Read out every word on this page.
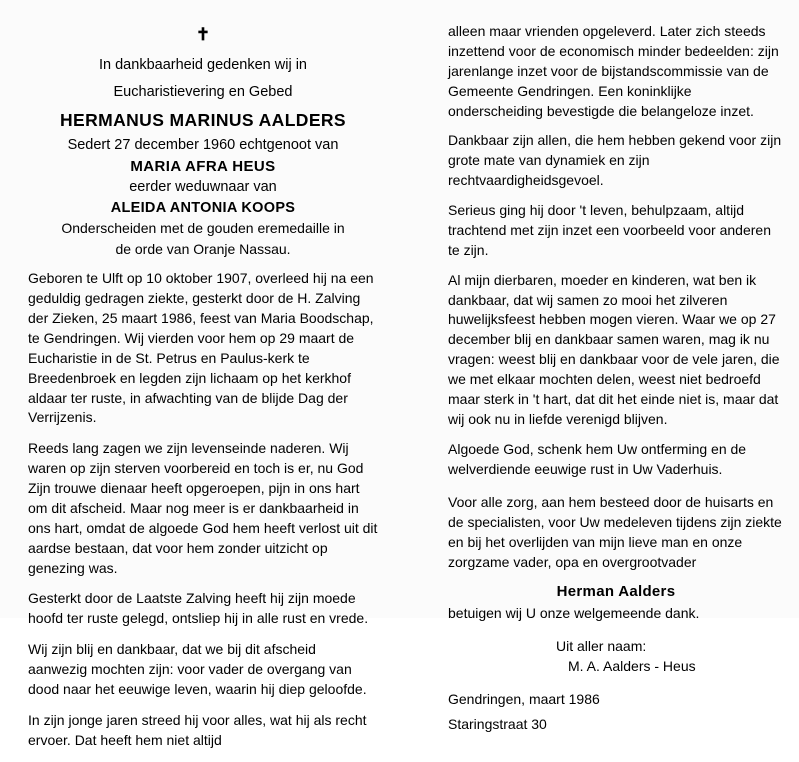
✝
In dankbaarheid gedenken wij in
Eucharistievering en Gebed
HERMANUS MARINUS AALDERS
Sedert 27 december 1960 echtgenoot van
MARIA AFRA HEUS
eerder weduwnaar van
ALEIDA ANTONIA KOOPS
Onderscheiden met de gouden eremedaille in
de orde van Oranje Nassau.

Geboren te Ulft op 10 oktober 1907, overleed hij na een geduldig gedragen ziekte, gesterkt door de H. Zalving der Zieken, 25 maart 1986, feest van Maria Boodschap, te Gendringen. Wij vierden voor hem op 29 maart de Eucharistie in de St. Petrus en Paulus-kerk te Breedenbroek en legden zijn lichaam op het kerkhof aldaar ter ruste, in afwachting van de blijde Dag der Verrijzenis.

Reeds lang zagen we zijn levenseinde naderen. Wij waren op zijn sterven voorbereid en toch is er, nu God Zijn trouwe dienaar heeft opgeroepen, pijn in ons hart om dit afscheid. Maar nog meer is er dankbaarheid in ons hart, omdat de algoede God hem heeft verlost uit dit aardse bestaan, dat voor hem zonder uitzicht op genezing was.

Gesterkt door de Laatste Zalving heeft hij zijn moede hoofd ter ruste gelegd, ontsliep hij in alle rust en vrede.

Wij zijn blij en dankbaar, dat we bij dit afscheid aanwezig mochten zijn: voor vader de overgang van dood naar het eeuwige leven, waarin hij diep geloofde.

In zijn jonge jaren streed hij voor alles, wat hij als recht ervoer. Dat heeft hem niet altijd

alleen maar vrienden opgeleverd. Later zich steeds inzettend voor de economisch minder bedeelden: zijn jarenlange inzet voor de bijstandscommissie van de Gemeente Gendringen. Een koninklijke onderscheiding bevestigde die belangeloze inzet.

Dankbaar zijn allen, die hem hebben gekend voor zijn grote mate van dynamiek en zijn rechtvaardigheidsgevoel.

Serieus ging hij door 't leven, behulpzaam, altijd trachtend met zijn inzet een voorbeeld voor anderen te zijn.

Al mijn dierbaren, moeder en kinderen, wat ben ik dankbaar, dat wij samen zo mooi het zilveren huwelijksfeest hebben mogen vieren. Waar we op 27 december blij en dankbaar samen waren, mag ik nu vragen: weest blij en dankbaar voor de vele jaren, die we met elkaar mochten delen, weest niet bedroefd maar sterk in 't hart, dat dit het einde niet is, maar dat wij ook nu in liefde verenigd blijven.

Algoede God, schenk hem Uw ontferming en de welverdiende eeuwige rust in Uw Vaderhuis.

Voor alle zorg, aan hem besteed door de huisarts en de specialisten, voor Uw medeleven tijdens zijn ziekte en bij het overlijden van mijn lieve man en onze zorgzame vader, opa en overgrootvader

Herman Aalders
betuigen wij U onze welgemeende dank.
Uit aller naam:
M. A. Aalders - Heus
Gendringen, maart 1986
Staringstraat 30
